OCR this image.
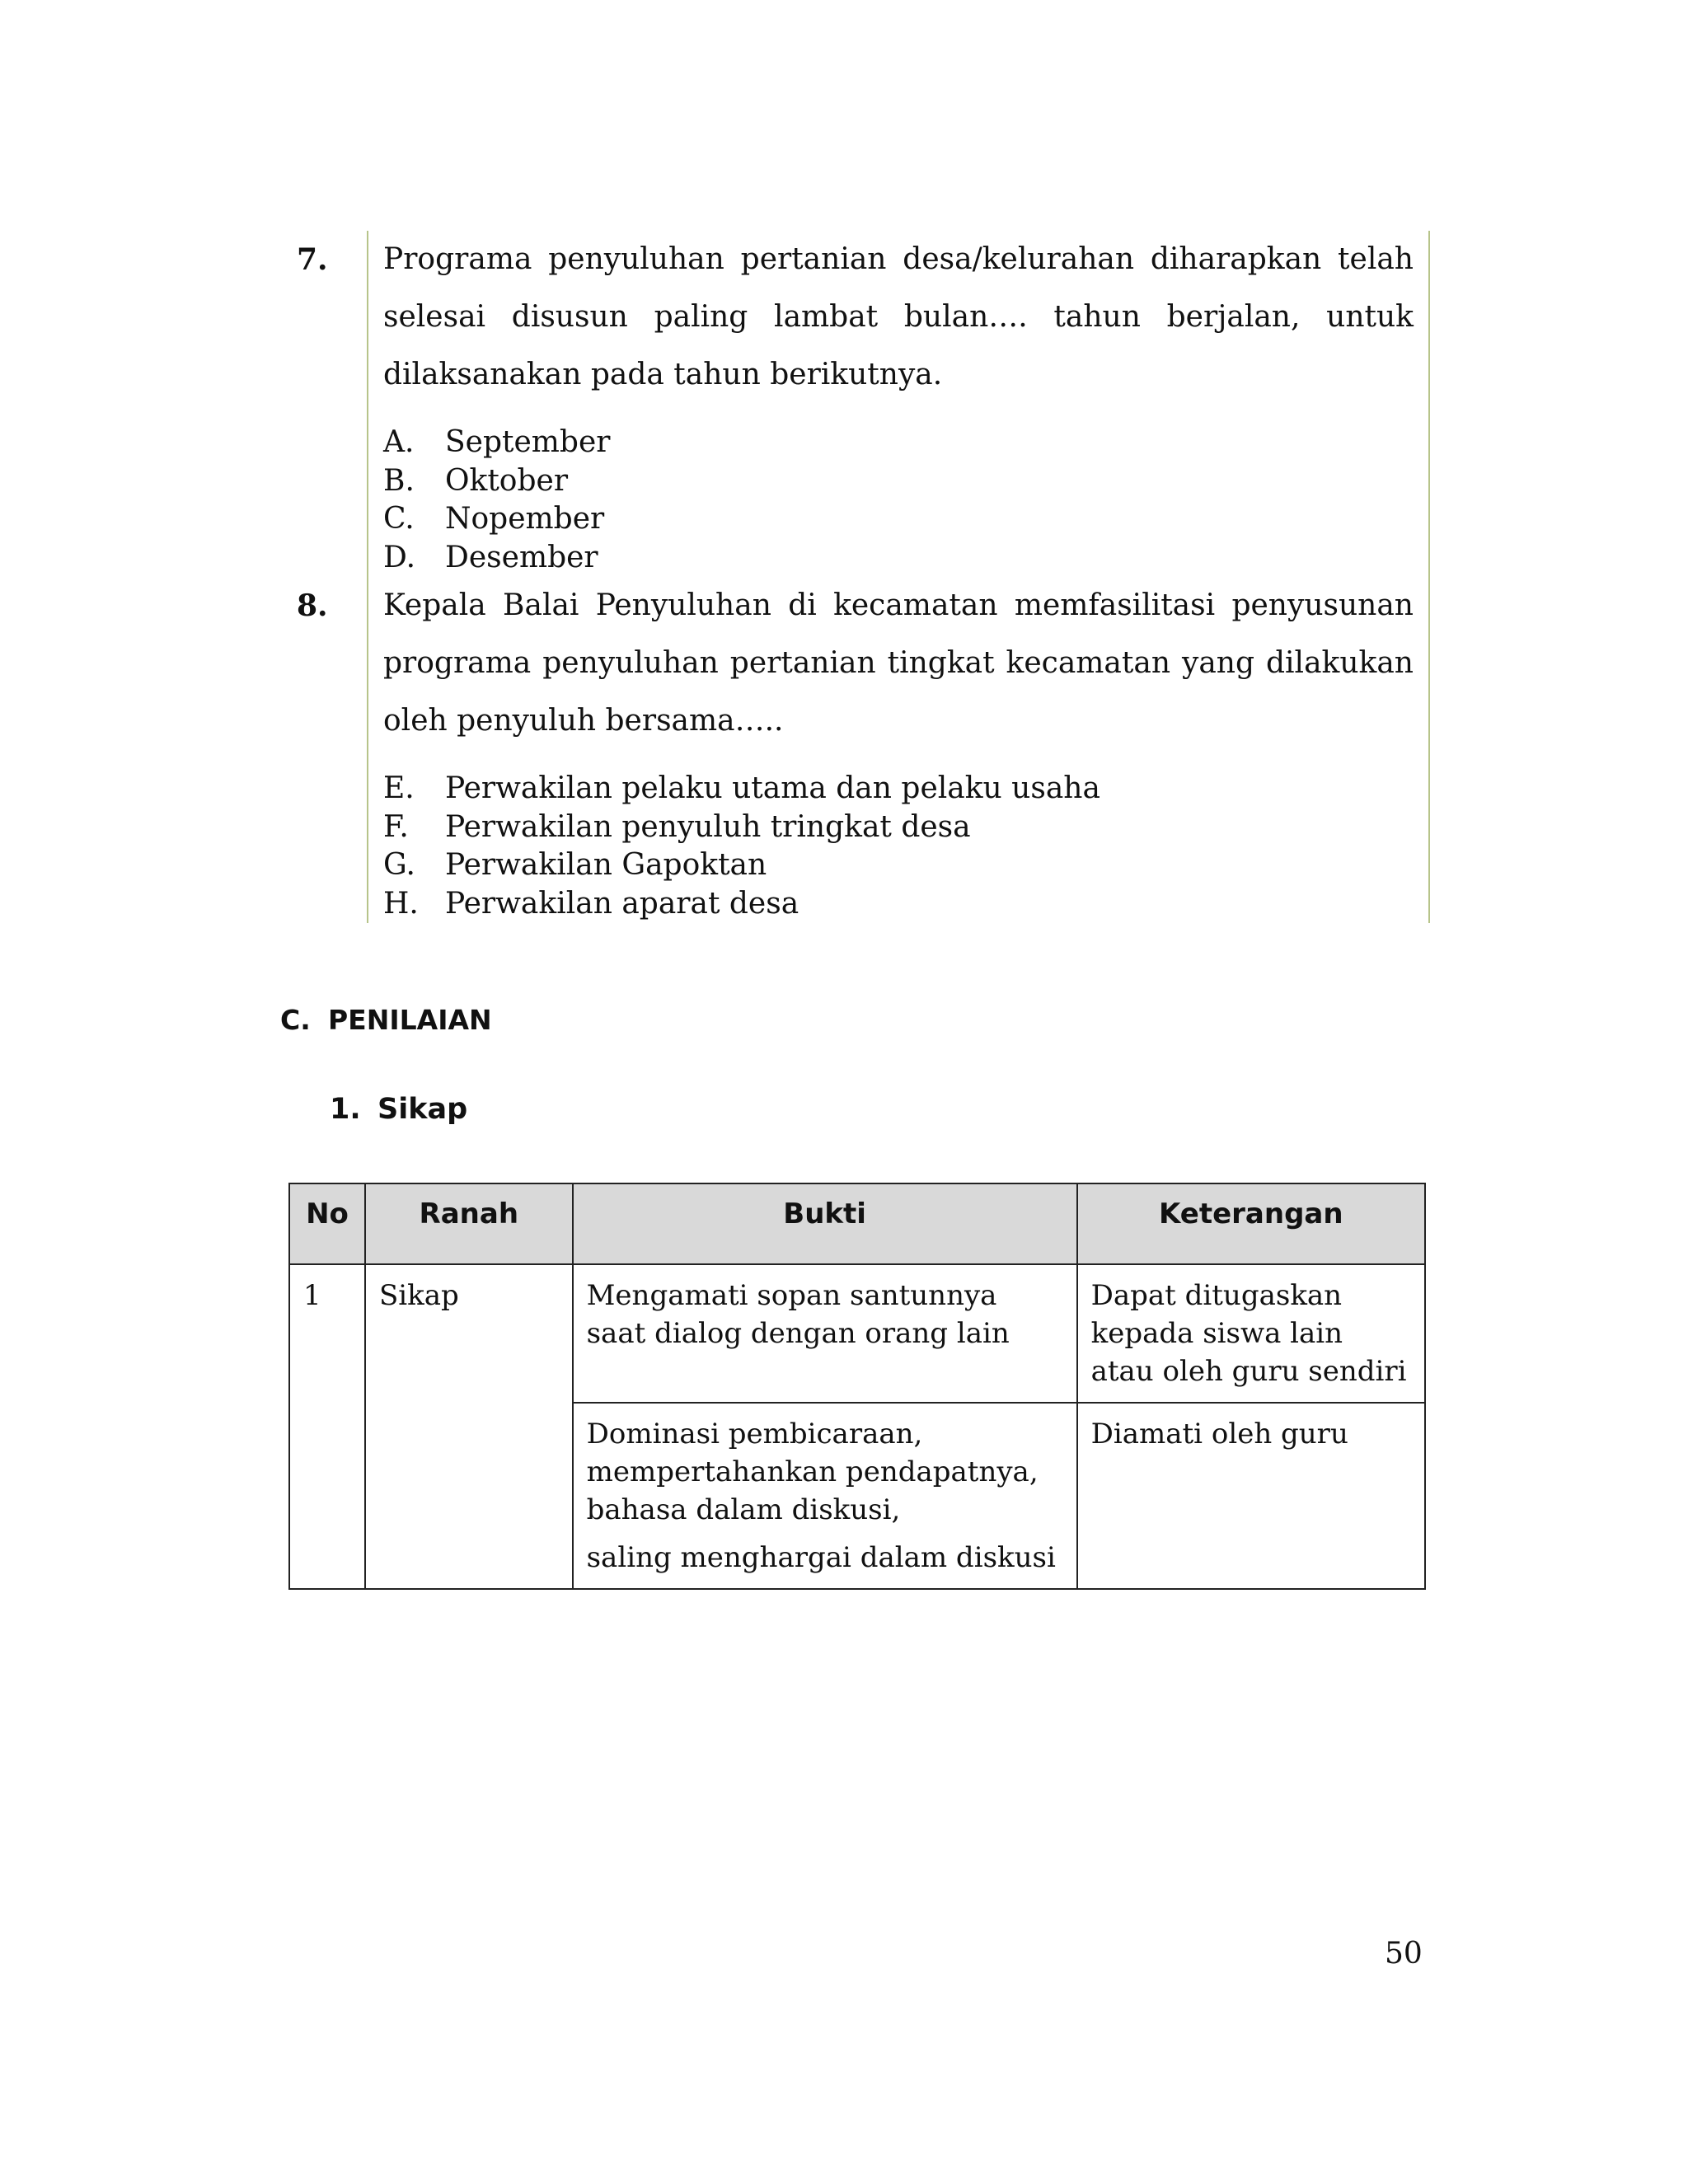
7.	Programa penyuluhan pertanian desa/kelurahan diharapkan telah selesai disusun paling lambat bulan…. tahun berjalan, untuk dilaksanakan pada tahun berikutnya.

A.	September
B.	Oktober
C.	Nopember
D. Desember
8.	Kepala Balai Penyuluhan di kecamatan memfasilitasi penyusunan programa penyuluhan pertanian tingkat kecamatan yang dilakukan oleh penyuluh bersama…..

E.	Perwakilan pelaku utama dan pelaku usaha
F.	Perwakilan penyuluh tringkat desa
G.	Perwakilan Gapoktan
H. Perwakilan aparat desa
C. PENILAIAN
1. Sikap
No	Ranah	Bukti	Keterangan
1	Sikap	Mengamati sopan santunnya saat dialog dengan orang lain	Dapat ditugaskan kepada siswa lain atau oleh guru sendiri

		Dominasi pembicaraan,
mempertahankan pendapatnya,
bahasa dalam diskusi,
saling menghargai dalam diskusi	Diamati oleh guru
50
